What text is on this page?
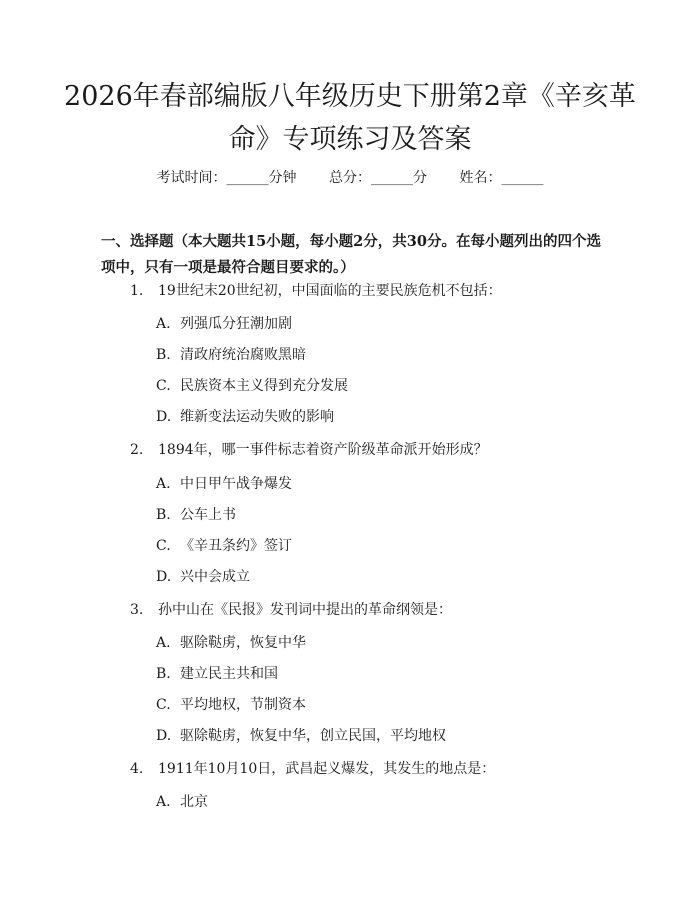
2026年春部编版八年级历史下册第2章《辛亥革命》专项练习及答案
考试时间：______分钟 总分：______分 姓名：______

一、选择题（本大题共15小题，每小题2分，共30分。在每小题列出的四个选项中，只有一项是最符合题目要求的。）

1. 19世纪末20世纪初，中国面临的主要民族危机不包括：
A. 列强瓜分狂潮加剧
B. 清政府统治腐败黑暗
C. 民族资本主义得到充分发展
D. 维新变法运动失败的影响
2. 1894年，哪一事件标志着资产阶级革命派开始形成？
A. 中日甲午战争爆发
B. 公车上书
C. 《辛丑条约》签订
D. 兴中会成立
3. 孙中山在《民报》发刊词中提出的革命纲领是：
A. 驱除鞑虏，恢复中华
B. 建立民主共和国
C. 平均地权，节制资本
D. 驱除鞑虏，恢复中华，创立民国，平均地权
4. 1911年10月10日，武昌起义爆发，其发生的地点是：
A. 北京
